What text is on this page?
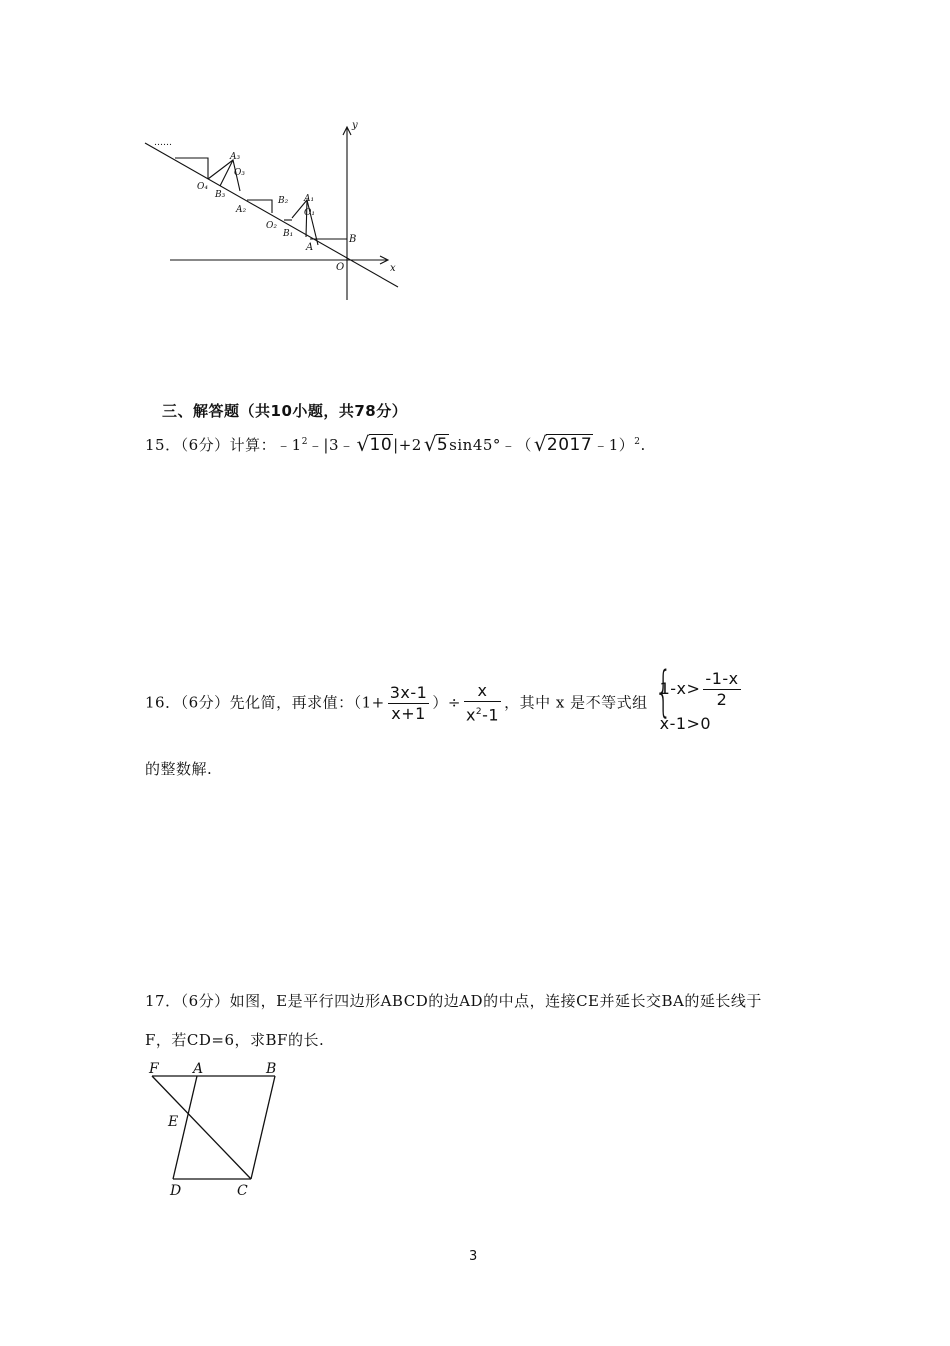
……
y
x
O
B
A
A₁
O₁
B₁
B₂
O₂
A₂
B₃
O₃
A₃
O₄
三、解答题（共10小题，共78分）
15．（6分）计算：$﹣1^2﹣|3﹣$ √ 10|+2 √ 5sin45°﹣（ √ 2017﹣1）$^2$.
16．（6分）先化简，再求值：（$1+ \frac{3x-1}{x+1}$ ）÷ $\frac{x}{x^2-1}$ ，其中 x 是不等式组 {
$1-x> \frac{-1-x}{2}$
x-1>0
的整数解.
17．（6分）如图，E是平行四边形ABCD的边AD的中点，连接CE并延长交BA的延长线于
F，若CD=6，求BF的长.
F A	B
E
D	C
3
